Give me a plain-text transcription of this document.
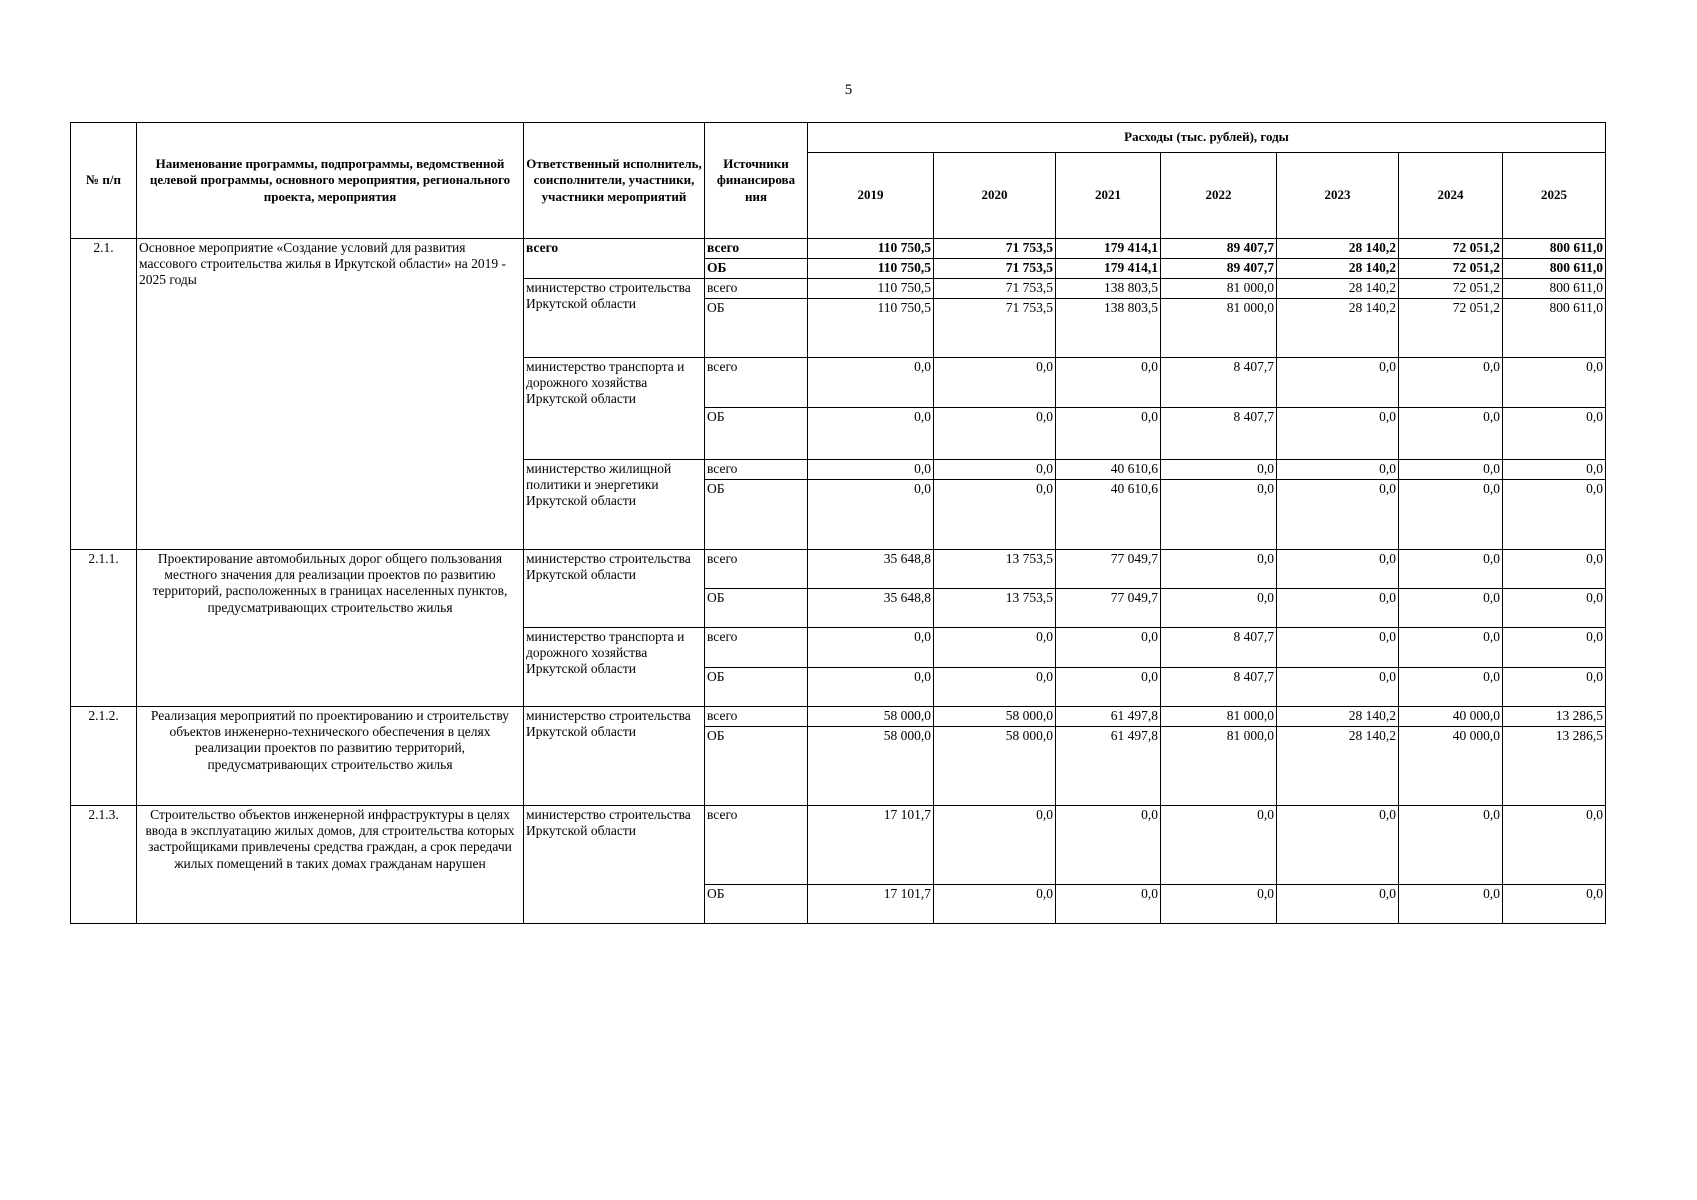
5
№ п/п	Наименование программы, подпрограммы, ведомственной целевой программы, основного мероприятия, регионального проекта, мероприятия	Ответственный исполнитель, соисполнители, участники, участники мероприятий	Источники финансирова ния	Расходы (тыс. рублей), годы						
				2019	2020	2021	2022	2023	2024	2025
2.1.	Основное мероприятие «Создание условий для развития массового строительства жилья в Иркутской области» на 2019 - 2025 годы	всего	всего	110 750,5	71 753,5	179 414,1	89 407,7	28 140,2	72 051,2	800 611,0
			ОБ	110 750,5	71 753,5	179 414,1	89 407,7	28 140,2	72 051,2	800 611,0
		министерство строительства Иркутской области	всего	110 750,5	71 753,5	138 803,5	81 000,0	28 140,2	72 051,2	800 611,0
			ОБ	110 750,5	71 753,5	138 803,5	81 000,0	28 140,2	72 051,2	800 611,0
		министерство транспорта и дорожного хозяйства Иркутской области	всего	0,0	0,0	0,0	8 407,7	0,0	0,0	0,0
			ОБ	0,0	0,0	0,0	8 407,7	0,0	0,0	0,0
		министерство жилищной политики и энергетики Иркутской области	всего	0,0	0,0	40 610,6	0,0	0,0	0,0	0,0
			ОБ	0,0	0,0	40 610,6	0,0	0,0	0,0	0,0
2.1.1.	Проектирование автомобильных дорог общего пользования местного значения для реализации проектов по развитию территорий, расположенных в границах населенных пунктов, предусматривающих строительство жилья	министерство строительства Иркутской области	всего	35 648,8	13 753,5	77 049,7	0,0	0,0	0,0	0,0
			ОБ	35 648,8	13 753,5	77 049,7	0,0	0,0	0,0	0,0
		министерство транспорта и дорожного хозяйства Иркутской области	всего	0,0	0,0	0,0	8 407,7	0,0	0,0	0,0
			ОБ	0,0	0,0	0,0	8 407,7	0,0	0,0	0,0
2.1.2.	Реализация мероприятий по проектированию и строительству объектов инженерно-технического обеспечения в целях реализации проектов по развитию территорий, предусматривающих строительство жилья	министерство строительства Иркутской области	всего	58 000,0	58 000,0	61 497,8	81 000,0	28 140,2	40 000,0	13 286,5
			ОБ	58 000,0	58 000,0	61 497,8	81 000,0	28 140,2	40 000,0	13 286,5
2.1.3.	Строительство объектов инженерной инфраструктуры в целях ввода в эксплуатацию жилых домов, для строительства которых застройщиками привлечены средства граждан, а срок передачи жилых помещений в таких домах гражданам нарушен	министерство строительства Иркутской области	всего	17 101,7	0,0	0,0	0,0	0,0	0,0	0,0
			ОБ	17 101,7	0,0	0,0	0,0	0,0	0,0	0,0
